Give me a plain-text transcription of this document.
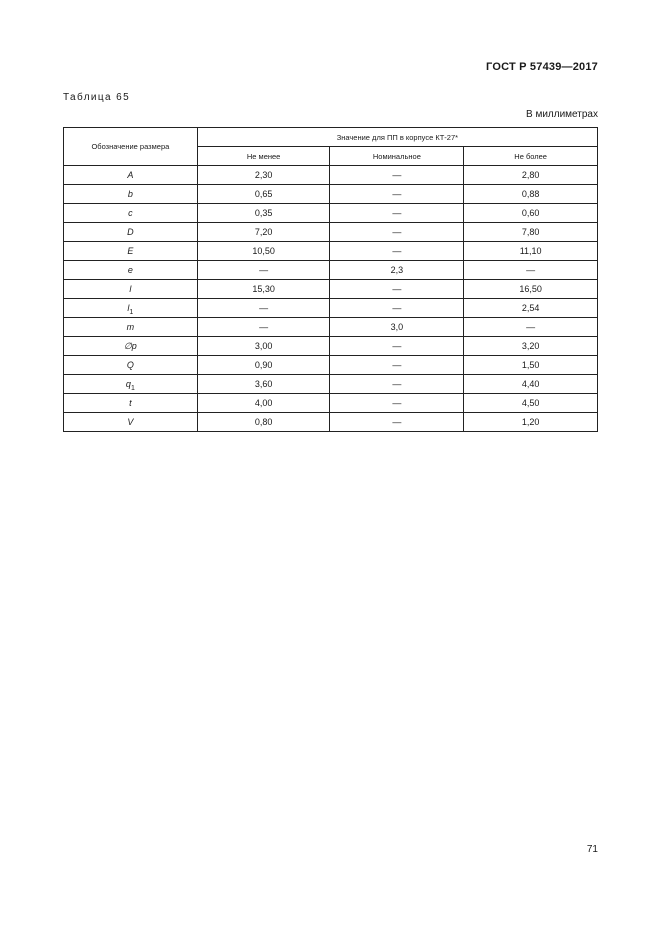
ГОСТ Р 57439—2017
Таблица 65
В миллиметрах
Обозначение размера	Значение для ПП в корпусе КТ-27*		
	Не менее	Номинальное	Не более
A	2,30	—	2,80
b	0,65	—	0,88
c	0,35	—	0,60
D	7,20	—	7,80
E	10,50	—	11,10
e	—	2,3	—
l	15,30	—	16,50
$l_1$	—	—	2,54
m	—	3,0	—
∅p	3,00	—	3,20
Q	0,90	—	1,50
$q_1$	3,60	—	4,40
t	4,00	—	4,50
V	0,80	—	1,20
71
